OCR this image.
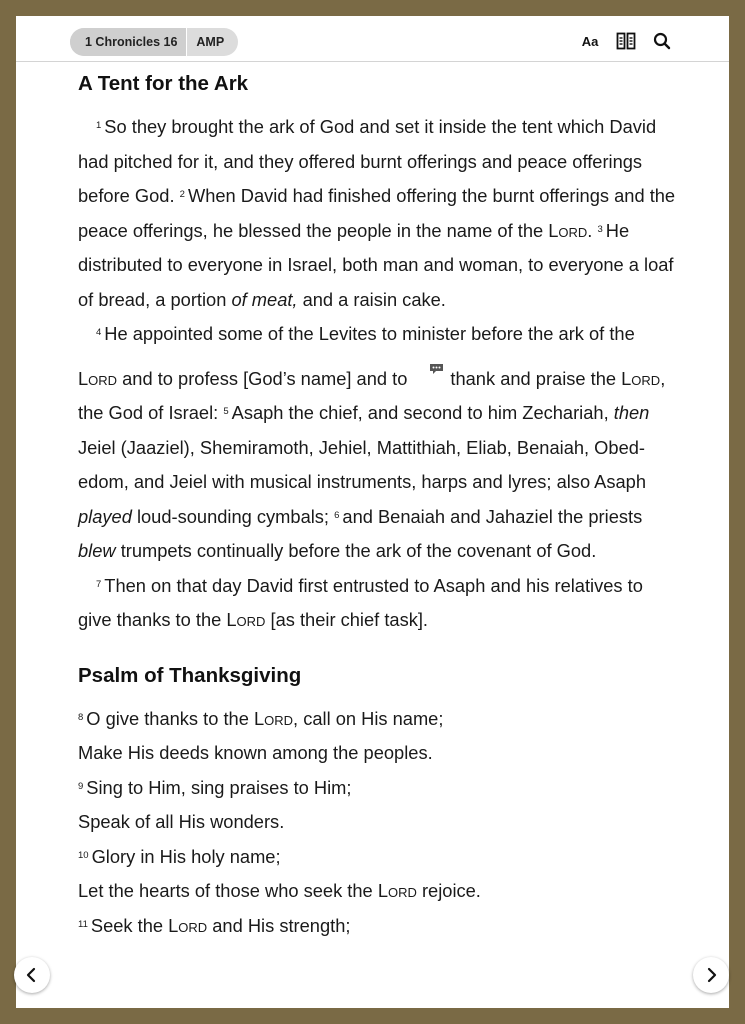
1 Chronicles 16	AMP	Aa
A Tent for the Ark

$^1$ So they brought the ark of God and set it inside the tent which David had pitched for it, and they offered burnt offerings and peace offerings before God. $^2$ When David had finished offering the burnt offerings and the peace offerings, he blessed the people in the name of the Lord. $^3$ He distributed to everyone in Israel, both man and woman, to everyone a loaf of bread, a portion of meat, and a raisin cake.

$^4$ He appointed some of the Levites to minister before the ark of the Lord and to profess [God’s name] and to thank and praise the Lord, the God of Israel: $^5$ Asaph the chief, and second to him Zechariah, then Jeiel (Jaaziel), Shemiramoth, Jehiel, Mattithiah, Eliab, Benaiah, Obed-edom, and Jeiel with musical instruments, harps and lyres; also Asaph played loud-sounding cymbals; $^6$ and Benaiah and Jahaziel the priests blew trumpets continually before the ark of the covenant of God.

$^7$ Then on that day David first entrusted to Asaph and his relatives to give thanks to the Lord [as their chief task].

Psalm of Thanksgiving

$^8$ O give thanks to the Lord, call on His name;

Make His deeds known among the peoples.

$^9$ Sing to Him, sing praises to Him;

Speak of all His wonders.

$^{10}$ Glory in His holy name;

Let the hearts of those who seek the Lord rejoice.

$^{11}$ Seek the Lord and His strength;
